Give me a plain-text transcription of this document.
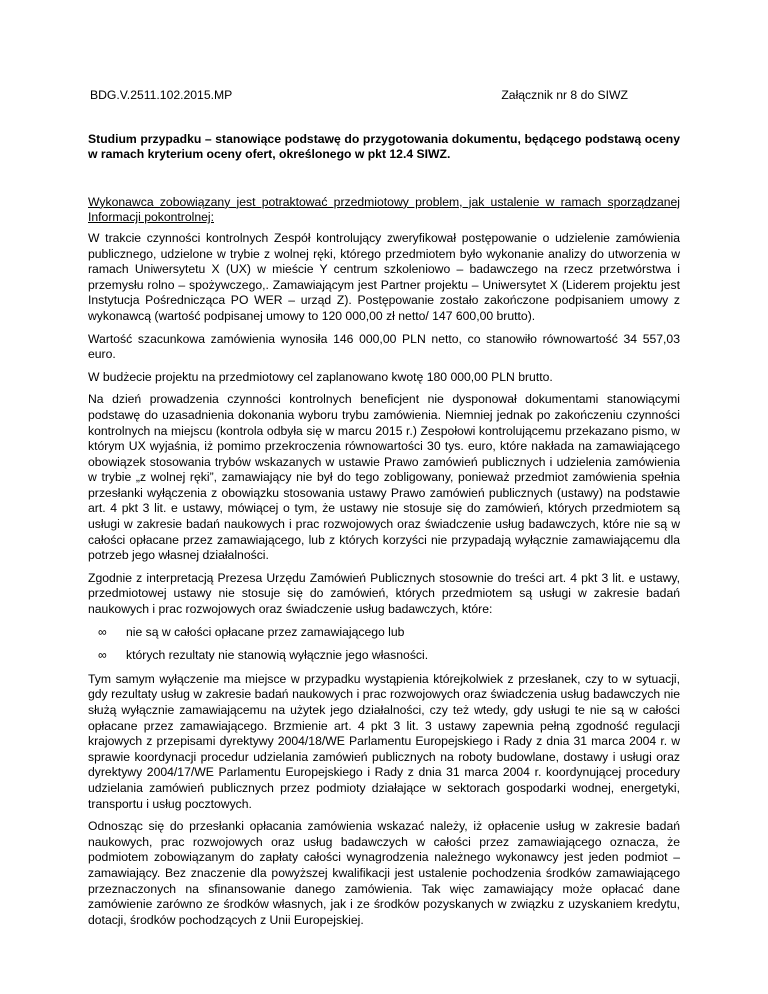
BDG.V.2511.102.2015.MP	Załącznik nr 8 do SIWZ

Studium przypadku – stanowiące podstawę do przygotowania dokumentu, będącego podstawą oceny w ramach kryterium oceny ofert, określonego w pkt 12.4 SIWZ.

Wykonawca zobowiązany jest potraktować przedmiotowy problem, jak ustalenie w ramach sporządzanej Informacji pokontrolnej:

W trakcie czynności kontrolnych Zespół kontrolujący zweryfikował postępowanie o udzielenie zamówienia publicznego, udzielone w trybie z wolnej ręki, którego przedmiotem było wykonanie analizy do utworzenia w ramach Uniwersytetu X (UX) w mieście Y centrum szkoleniowo – badawczego na rzecz przetwórstwa i przemysłu rolno – spożywczego,. Zamawiającym jest Partner projektu – Uniwersytet X (Liderem projektu jest Instytucja Pośrednicząca PO WER – urząd Z). Postępowanie zostało zakończone podpisaniem umowy z wykonawcą (wartość podpisanej umowy to 120 000,00 zł netto/ 147 600,00 brutto).

Wartość szacunkowa zamówienia wynosiła 146 000,00 PLN netto, co stanowiło równowartość 34 557,03 euro.

W budżecie projektu na przedmiotowy cel zaplanowano kwotę 180 000,00 PLN brutto.

Na dzień prowadzenia czynności kontrolnych beneficjent nie dysponował dokumentami stanowiącymi podstawę do uzasadnienia dokonania wyboru trybu zamówienia. Niemniej jednak po zakończeniu czynności kontrolnych na miejscu (kontrola odbyła się w marcu 2015 r.) Zespołowi kontrolującemu przekazano pismo, w którym UX wyjaśnia, iż pomimo przekroczenia równowartości 30 tys. euro, które nakłada na zamawiającego obowiązek stosowania trybów wskazanych w ustawie Prawo zamówień publicznych i udzielenia zamówienia w trybie „z wolnej ręki”, zamawiający nie był do tego zobligowany, ponieważ przedmiot zamówienia spełnia przesłanki wyłączenia z obowiązku stosowania ustawy Prawo zamówień publicznych (ustawy) na podstawie art. 4 pkt 3 lit. e ustawy, mówiącej o tym, że ustawy nie stosuje się do zamówień, których przedmiotem są usługi w zakresie badań naukowych i prac rozwojowych oraz świadczenie usług badawczych, które nie są w całości opłacane przez zamawiającego, lub z których korzyści nie przypadają wyłącznie zamawiającemu dla potrzeb jego własnej działalności.

Zgodnie z interpretacją Prezesa Urzędu Zamówień Publicznych stosownie do treści art. 4 pkt 3 lit. e ustawy, przedmiotowej ustawy nie stosuje się do zamówień, których przedmiotem są usługi w zakresie badań naukowych i prac rozwojowych oraz świadczenie usług badawczych, które:

∞	nie są w całości opłacane przez zamawiającego lub
∞	których rezultaty nie stanowią wyłącznie jego własności.

Tym samym wyłączenie ma miejsce w przypadku wystąpienia którejkolwiek z przesłanek, czy to w sytuacji, gdy rezultaty usług w zakresie badań naukowych i prac rozwojowych oraz świadczenia usług badawczych nie służą wyłącznie zamawiającemu na użytek jego działalności, czy też wtedy, gdy usługi te nie są w całości opłacane przez zamawiającego. Brzmienie art. 4 pkt 3 lit. 3 ustawy zapewnia pełną zgodność regulacji krajowych z przepisami dyrektywy 2004/18/WE Parlamentu Europejskiego i Rady z dnia 31 marca 2004 r. w sprawie koordynacji procedur udzielania zamówień publicznych na roboty budowlane, dostawy i usługi oraz dyrektywy 2004/17/WE Parlamentu Europejskiego i Rady z dnia 31 marca 2004 r. koordynującej procedury udzielania zamówień publicznych przez podmioty działające w sektorach gospodarki wodnej, energetyki, transportu i usług pocztowych.

Odnosząc się do przesłanki opłacania zamówienia wskazać należy, iż opłacenie usług w zakresie badań naukowych, prac rozwojowych oraz usług badawczych w całości przez zamawiającego oznacza, że podmiotem zobowiązanym do zapłaty całości wynagrodzenia należnego wykonawcy jest jeden podmiot – zamawiający. Bez znaczenie dla powyższej kwalifikacji jest ustalenie pochodzenia środków zamawiającego przeznaczonych na sfinansowanie danego zamówienia. Tak więc zamawiający może opłacać dane zamówienie zarówno ze środków własnych, jak i ze środków pozyskanych w związku z uzyskaniem kredytu, dotacji, środków pochodzących z Unii Europejskiej.
